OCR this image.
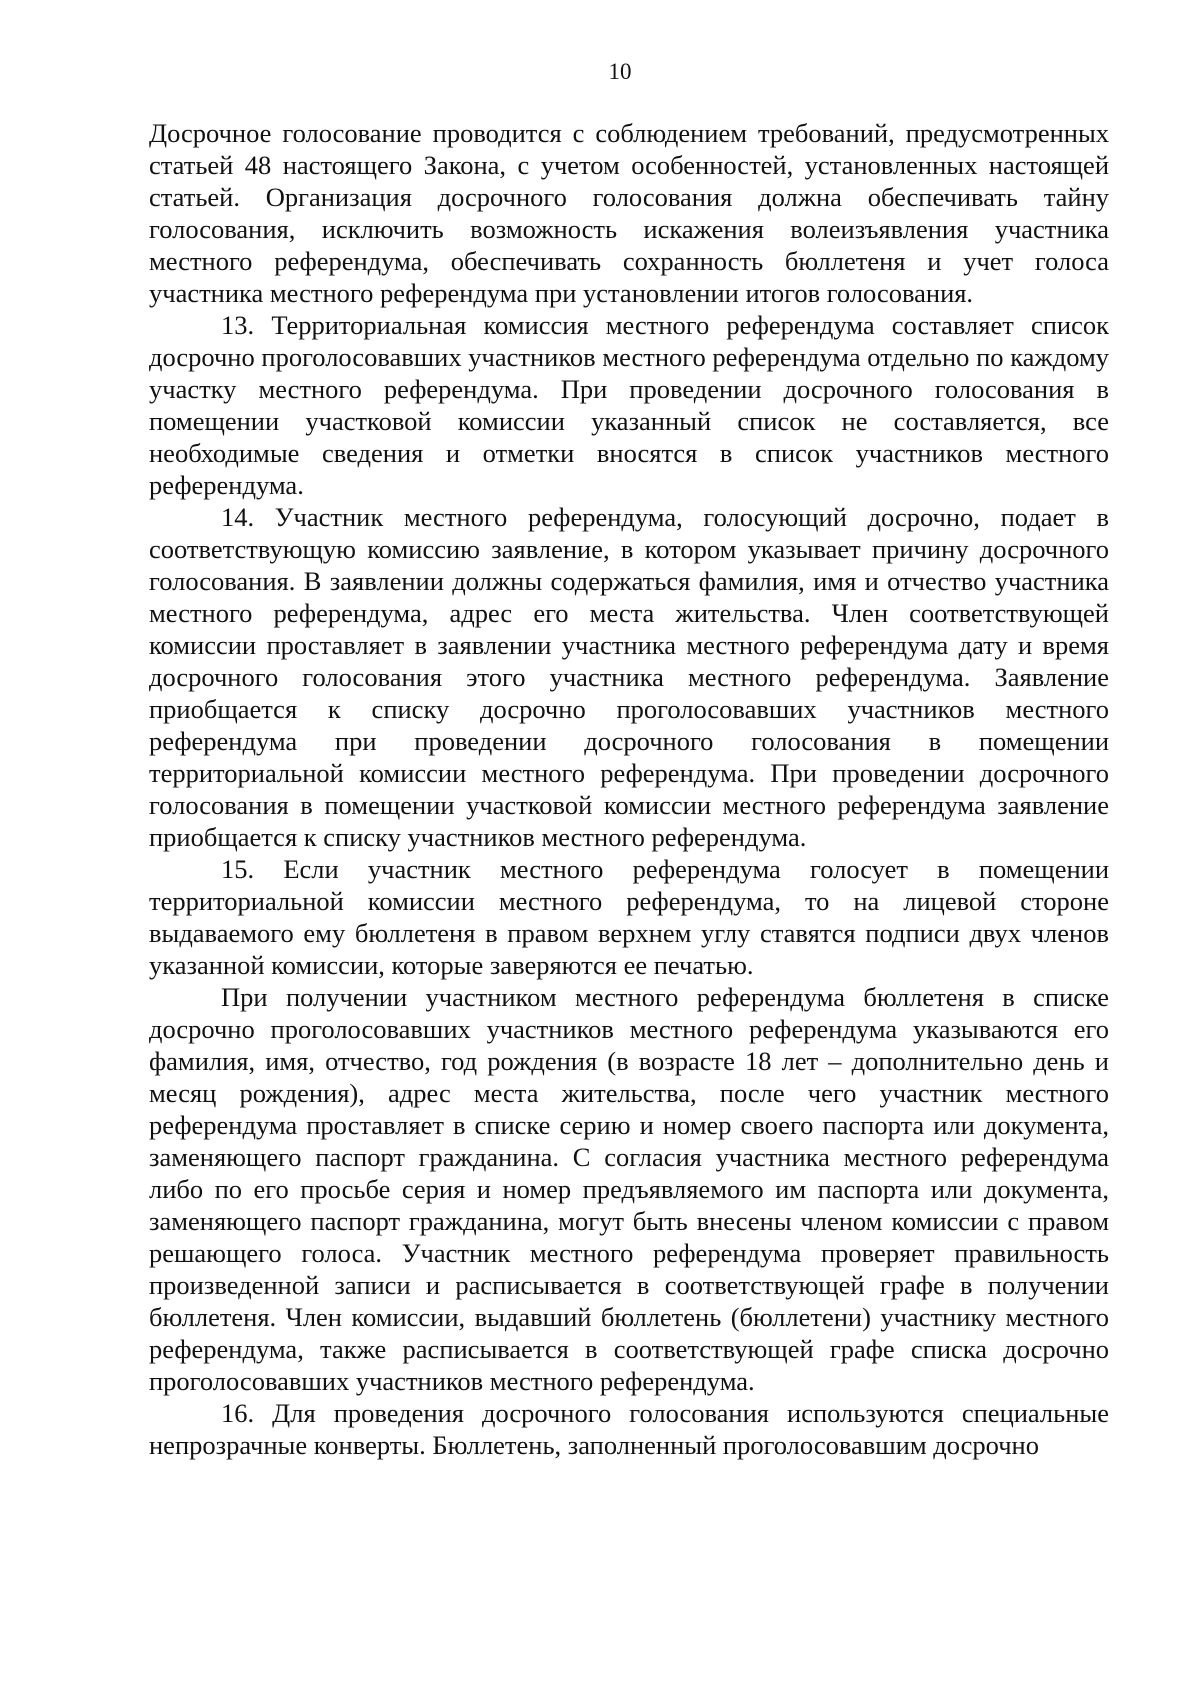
10

Досрочное голосование проводится с соблюдением требований, предусмотренных статьей 48 настоящего Закона, с учетом особенностей, установленных настоящей статьей. Организация досрочного голосования должна обеспечивать тайну голосования, исключить возможность искажения волеизъявления участника местного референдума, обеспечивать сохранность бюллетеня и учет голоса участника местного референдума при установлении итогов голосования.

13. Территориальная комиссия местного референдума составляет список досрочно проголосовавших участников местного референдума отдельно по каждому участку местного референдума. При проведении досрочного голосования в помещении участковой комиссии указанный список не составляется, все необходимые сведения и отметки вносятся в список участников местного референдума.

14. Участник местного референдума, голосующий досрочно, подает в соответствующую комиссию заявление, в котором указывает причину досрочного голосования. В заявлении должны содержаться фамилия, имя и отчество участника местного референдума, адрес его места жительства. Член соответствующей комиссии проставляет в заявлении участника местного референдума дату и время досрочного голосования этого участника местного референдума. Заявление приобщается к списку досрочно проголосовавших участников местного референдума при проведении досрочного голосования в помещении территориальной комиссии местного референдума. При проведении досрочного голосования в помещении участковой комиссии местного референдума заявление приобщается к списку участников местного референдума.

15. Если участник местного референдума голосует в помещении территориальной комиссии местного референдума, то на лицевой стороне выдаваемого ему бюллетеня в правом верхнем углу ставятся подписи двух членов указанной комиссии, которые заверяются ее печатью.

При получении участником местного референдума бюллетеня в списке досрочно проголосовавших участников местного референдума указываются его фамилия, имя, отчество, год рождения (в возрасте 18 лет – дополнительно день и месяц рождения), адрес места жительства, после чего участник местного референдума проставляет в списке серию и номер своего паспорта или документа, заменяющего паспорт гражданина. С согласия участника местного референдума либо по его просьбе серия и номер предъявляемого им паспорта или документа, заменяющего паспорт гражданина, могут быть внесены членом комиссии с правом решающего голоса. Участник местного референдума проверяет правильность произведенной записи и расписывается в соответствующей графе в получении бюллетеня. Член комиссии, выдавший бюллетень (бюллетени) участнику местного референдума, также расписывается в соответствующей графе списка досрочно проголосовавших участников местного референдума.

16. Для проведения досрочного голосования используются специальные непрозрачные конверты. Бюллетень, заполненный проголосовавшим досрочно
